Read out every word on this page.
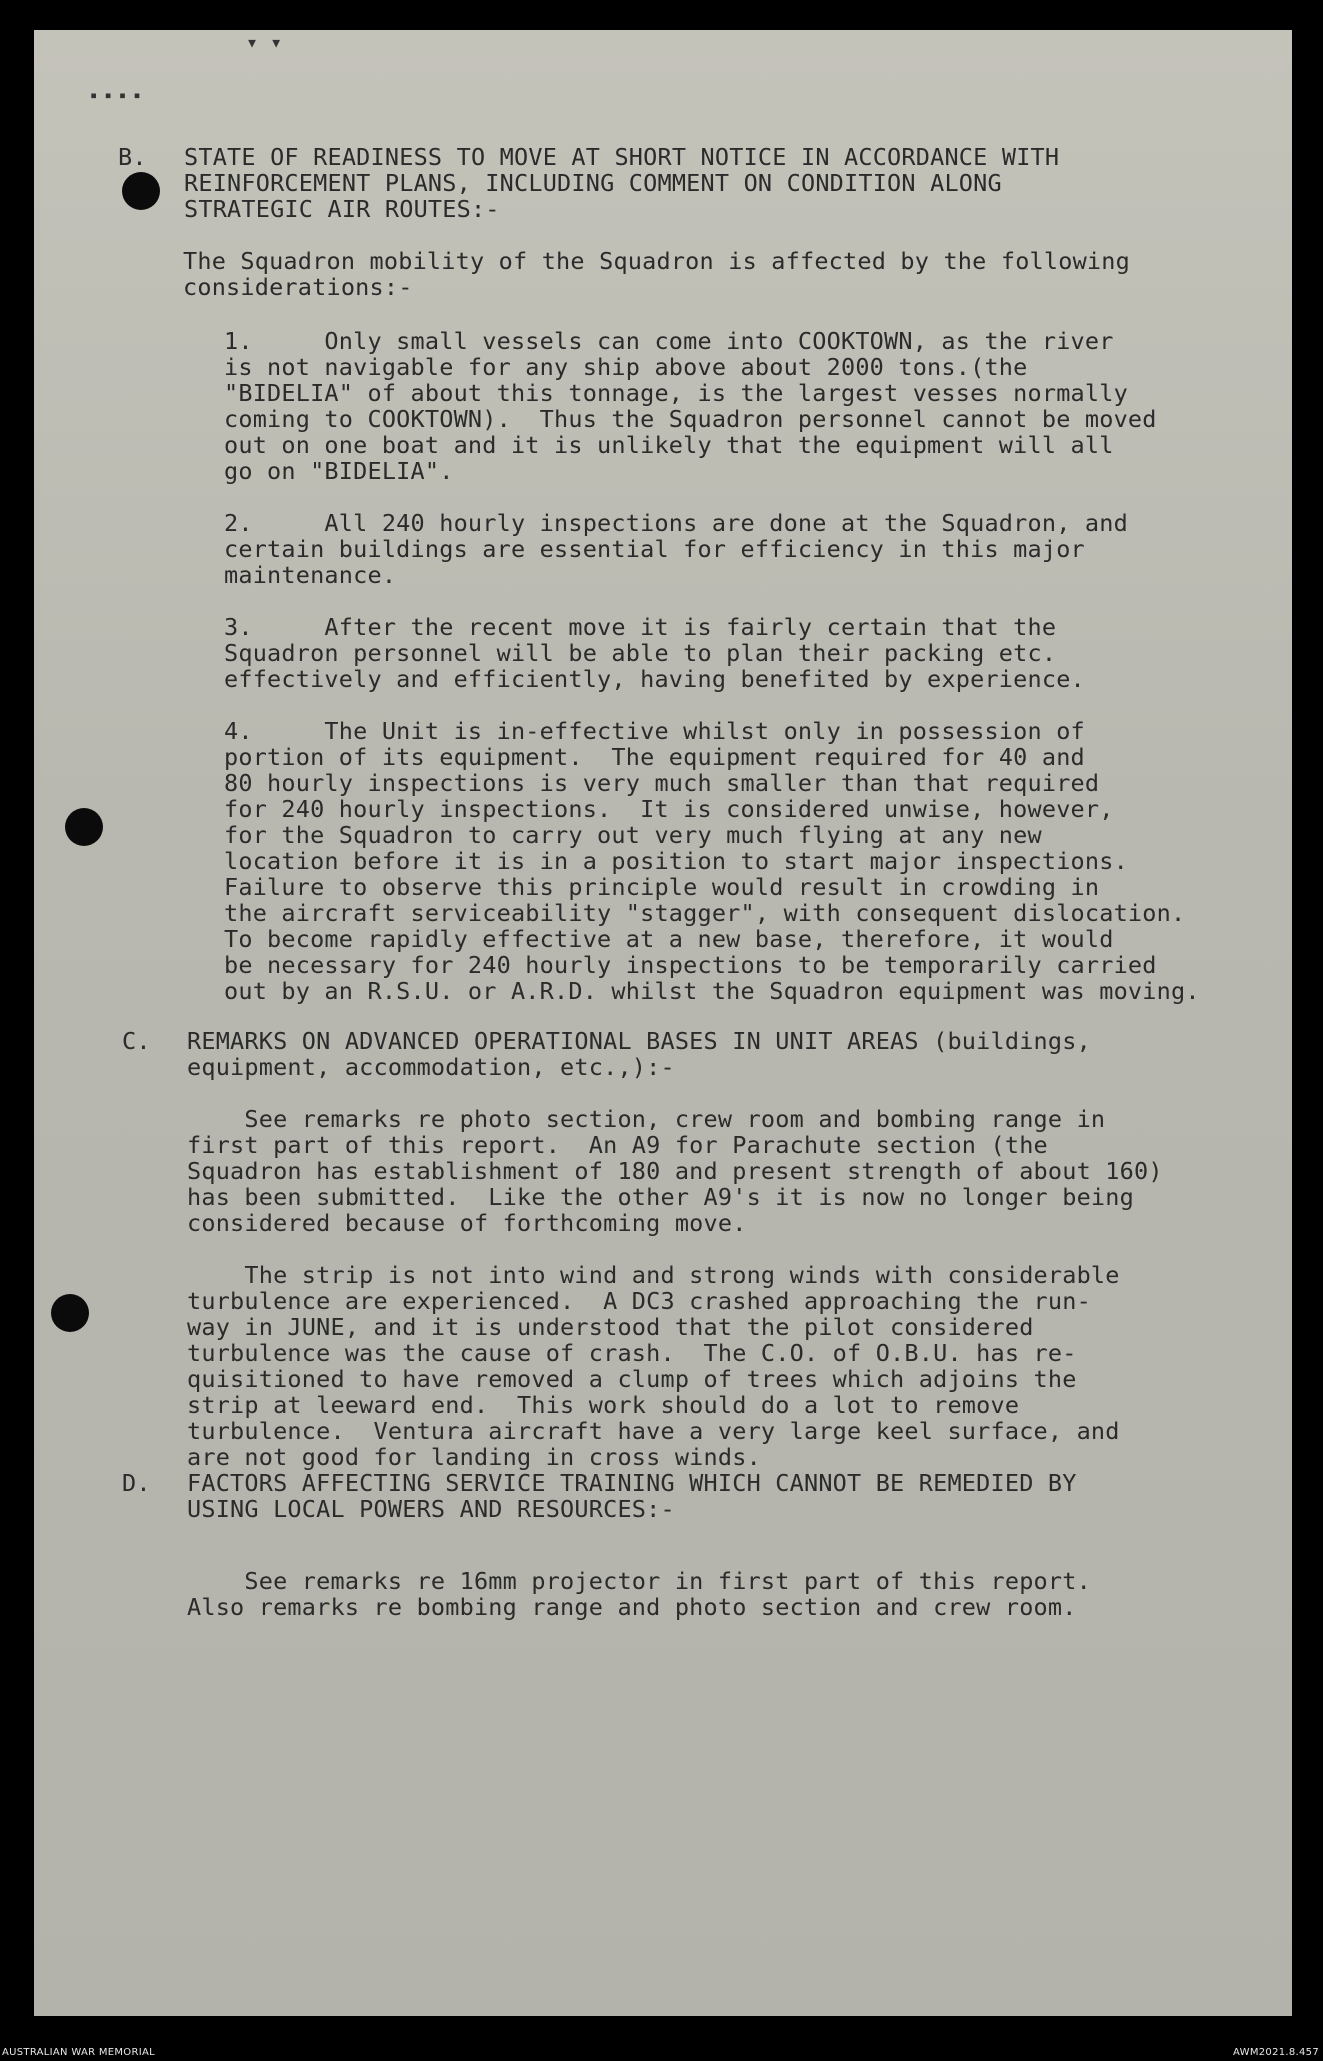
▾ ▾
▪ ▪ ▪ ▪

B.

STATE OF READINESS TO MOVE AT SHORT NOTICE IN ACCORDANCE WITH
REINFORCEMENT PLANS, INCLUDING COMMENT ON CONDITION ALONG
STRATEGIC AIR ROUTES:-

The Squadron mobility of the Squadron is affected by the following
considerations:-

1.     Only small vessels can come into COOKTOWN, as the river
is not navigable for any ship above about 2000 tons.(the
"BIDELIA" of about this tonnage, is the largest vesses normally
coming to COOKTOWN).  Thus the Squadron personnel cannot be moved
out on one boat and it is unlikely that the equipment will all
go on "BIDELIA".

2.     All 240 hourly inspections are done at the Squadron, and
certain buildings are essential for efficiency in this major
maintenance.

3.     After the recent move it is fairly certain that the
Squadron personnel will be able to plan their packing etc.
effectively and efficiently, having benefited by experience.

4.     The Unit is in-effective whilst only in possession of
portion of its equipment.  The equipment required for 40 and
80 hourly inspections is very much smaller than that required
for 240 hourly inspections.  It is considered unwise, however,
for the Squadron to carry out very much flying at any new
location before it is in a position to start major inspections.
Failure to observe this principle would result in crowding in
the aircraft serviceability "stagger", with consequent dislocation.
To become rapidly effective at a new base, therefore, it would
be necessary for 240 hourly inspections to be temporarily carried
out by an R.S.U. or A.R.D. whilst the Squadron equipment was moving.

C.

REMARKS ON ADVANCED OPERATIONAL BASES IN UNIT AREAS (buildings,
equipment, accommodation, etc.,):-

See remarks re photo section, crew room and bombing range in
first part of this report.  An A9 for Parachute section (the
Squadron has establishment of 180 and present strength of about 160)
has been submitted.  Like the other A9's it is now no longer being
considered because of forthcoming move.

The strip is not into wind and strong winds with considerable
turbulence are experienced.  A DC3 crashed approaching the run-
way in JUNE, and it is understood that the pilot considered
turbulence was the cause of crash.  The C.O. of O.B.U. has re-
quisitioned to have removed a clump of trees which adjoins the
strip at leeward end.  This work should do a lot to remove
turbulence.  Ventura aircraft have a very large keel surface, and
are not good for landing in cross winds.

D.

FACTORS AFFECTING SERVICE TRAINING WHICH CANNOT BE REMEDIED BY
USING LOCAL POWERS AND RESOURCES:-

See remarks re 16mm projector in first part of this report.
Also remarks re bombing range and photo section and crew room.

AUSTRALIAN WAR MEMORIAL	AWM2021.8.457
